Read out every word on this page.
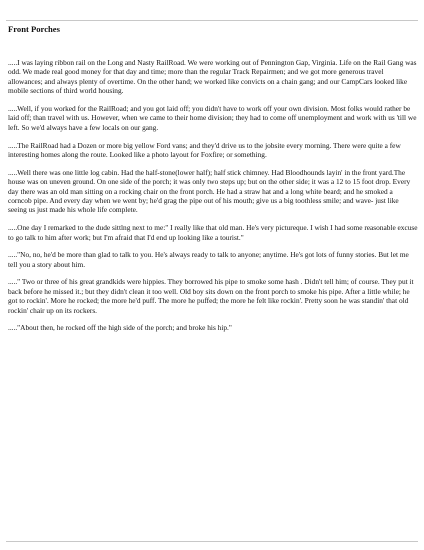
Front Porches

.....I was laying ribbon rail on the Long and Nasty RailRoad. We were working out of Pennington Gap, Virginia. Life on the Rail Gang was odd. We made real good money for that day and time; more than the regular Track Repairmen; and we got more generous travel allowances; and always plenty of overtime. On the other hand; we worked like convicts on a chain gang; and our CampCars looked like mobile sections of third world housing.

.....Well, if you worked for the RailRoad; and you got laid off; you didn't have to work off your own division. Most folks would rather be laid off; than travel with us. However, when we came to their home division; they had to come off unemployment and work with us 'till we left. So we'd always have a few locals on our gang.

.....The RailRoad had a Dozen or more big yellow Ford vans; and they'd drive us to the jobsite every morning. There were quite a few interesting homes along the route. Looked like a photo layout for Foxfire; or something.

.....Well there was one little log cabin. Had the half-stone(lower half); half stick chimney. Had Bloodhounds layin' in the front yard.The house was on uneven ground. On one side of the porch; it was only two steps up; but on the other side; it was a 12 to 15 foot drop. Every day there was an old man sitting on a rocking chair on the front porch. He had a straw hat and a long white beard; and he smoked a corncob pipe. And every day when we went by; he'd grag the pipe out of his mouth; give us a big toothless smile; and wave- just like seeing us just made his whole life complete.

.....One day I remarked to the dude sittlng next to me:" I really like that old man. He's very pictureque. I wish I had some reasonable excuse to go talk to him after work; but I'm afraid that I'd end up looking like a tourist."

....."No, no, he'd be more than glad to talk to you. He's always ready to talk to anyone; anytime. He's got lots of funny stories. But let me tell you a story about him.

....." Two or three of his great grandkids were hippies. They borrowed his pipe to smoke some hash . Didn't tell him; of course. They put it back before he missed it.; but they didn't clean it too well. Old boy sits down on the front porch to smoke his pipe. After a little while; he got to rockin'. More he rocked; the more he'd puff. The more he puffed; the more he felt like rockin'. Pretty soon he was standin' that old rockin' chair up on its rockers.

....."About then, he rocked off the high side of the porch; and broke his hip."
